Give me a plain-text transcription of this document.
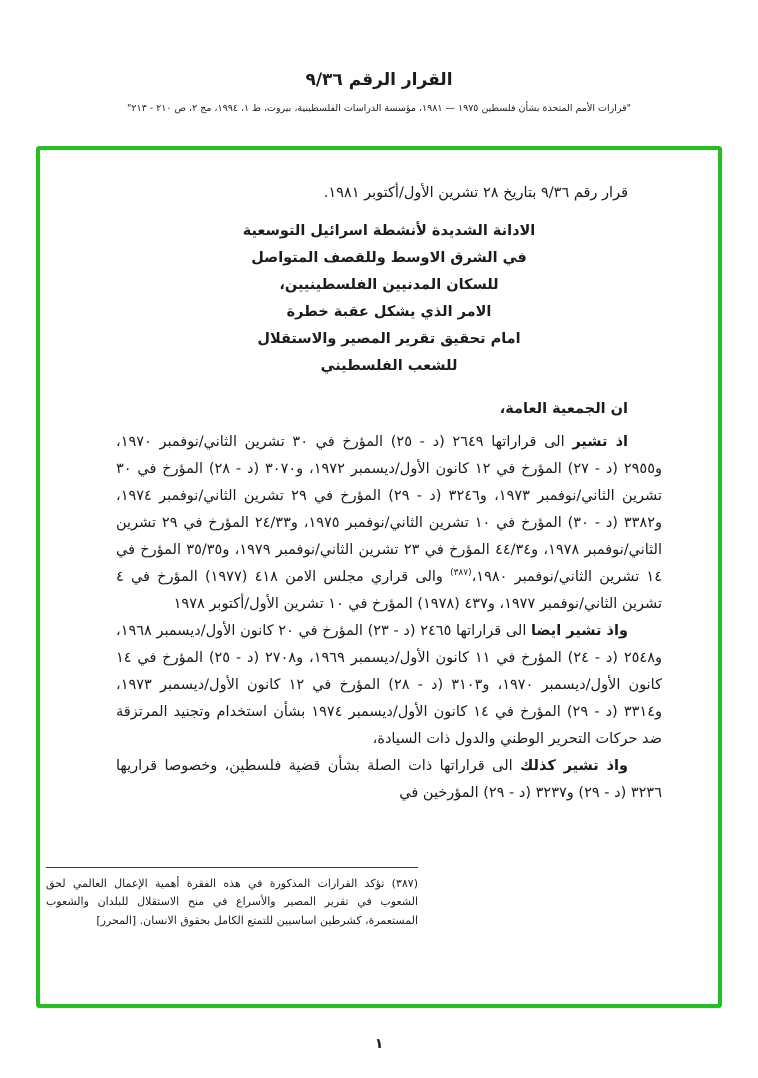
القرار الرقم ٩/٣٦

"قرارات الأمم المتحدة بشأن فلسطين ١٩٧٥ — ١٩٨١، مؤسسة الدراسات الفلسطينية، بيروت، ط ١، ١٩٩٤، مج ٢، ص ٢١٠ - ٢١٣"

قرار رقم ٩/٣٦ بتاريخ ٢٨ تشرين الأول/أكتوبر ١٩٨١.

الادانة الشديدة لأنشطة اسرائيل التوسعية
في الشرق الاوسط وللقصف المتواصل
للسكان المدنيين الفلسطينيين،
الامر الذي يشكل عقبة خطرة
امام تحقيق تقرير المصير والاستقلال
للشعب الفلسطيني

ان الجمعية العامة،

اذ تشير الى قراراتها ٢٦٤٩ (د - ٢٥) المؤرخ في ٣٠ تشرين الثاني/نوفمبر ١٩٧٠، و٢٩٥٥ (د - ٢٧) المؤرخ في ١٢ كانون الأول/ديسمبر ١٩٧٢، و٣٠٧٠ (د - ٢٨) المؤرخ في ٣٠ تشرين الثاني/نوفمبر ١٩٧٣، و٣٢٤٦ (د - ٢٩) المؤرخ في ٢٩ تشرين الثاني/نوفمبر ١٩٧٤، و٣٣٨٢ (د - ٣٠) المؤرخ في ١٠ تشرين الثاني/نوفمبر ١٩٧٥، و٢٤/٣٣ المؤرخ في ٢٩ تشرين الثاني/نوفمبر ١٩٧٨، و٤٤/٣٤ المؤرخ في ٢٣ تشرين الثاني/نوفمبر ١٩٧٩، و٣٥/٣٥ المؤرخ في ١٤ تشرين الثاني/نوفمبر ١٩٨٠،$^{(٣٨٧)}$ والى قراري مجلس الامن ٤١٨ (١٩٧٧) المؤرخ في ٤ تشرين الثاني/نوفمبر ١٩٧٧، و٤٣٧ (١٩٧٨) المؤرخ في ١٠ تشرين الأول/أكتوبر ١٩٧٨

واذ تشير ايضا الى قراراتها ٢٤٦٥ (د - ٢٣) المؤرخ في ٢٠ كانون الأول/ديسمبر ١٩٦٨، و٢٥٤٨ (د - ٢٤) المؤرخ في ١١ كانون الأول/ديسمبر ١٩٦٩، و٢٧٠٨ (د - ٢٥) المؤرخ في ١٤ كانون الأول/ديسمبر ١٩٧٠، و٣١٠٣ (د - ٢٨) المؤرخ في ١٢ كانون الأول/ديسمبر ١٩٧٣، و٣٣١٤ (د - ٢٩) المؤرخ في ١٤ كانون الأول/ديسمبر ١٩٧٤ بشأن استخدام وتجنيد المرتزقة ضد حركات التحرير الوطني والدول ذات السيادة،

واذ تشير كذلك الى قراراتها ذات الصلة بشأن قضية فلسطين، وخصوصا قراريها ٣٢٣٦ (د - ٢٩) و٣٢٣٧ (د - ٢٩) المؤرخين في

(٣٨٧) تؤكد القرارات المذكورة في هذه الفقرة أهمية الإعمال العالمي لحق الشعوب في تقرير المصير والأسراع في منح الاستقلال للبلدان والشعوب المستعمرة، كشرطين اساسيين للتمتع الكامل بحقوق الانسان. [المحرر]
١
